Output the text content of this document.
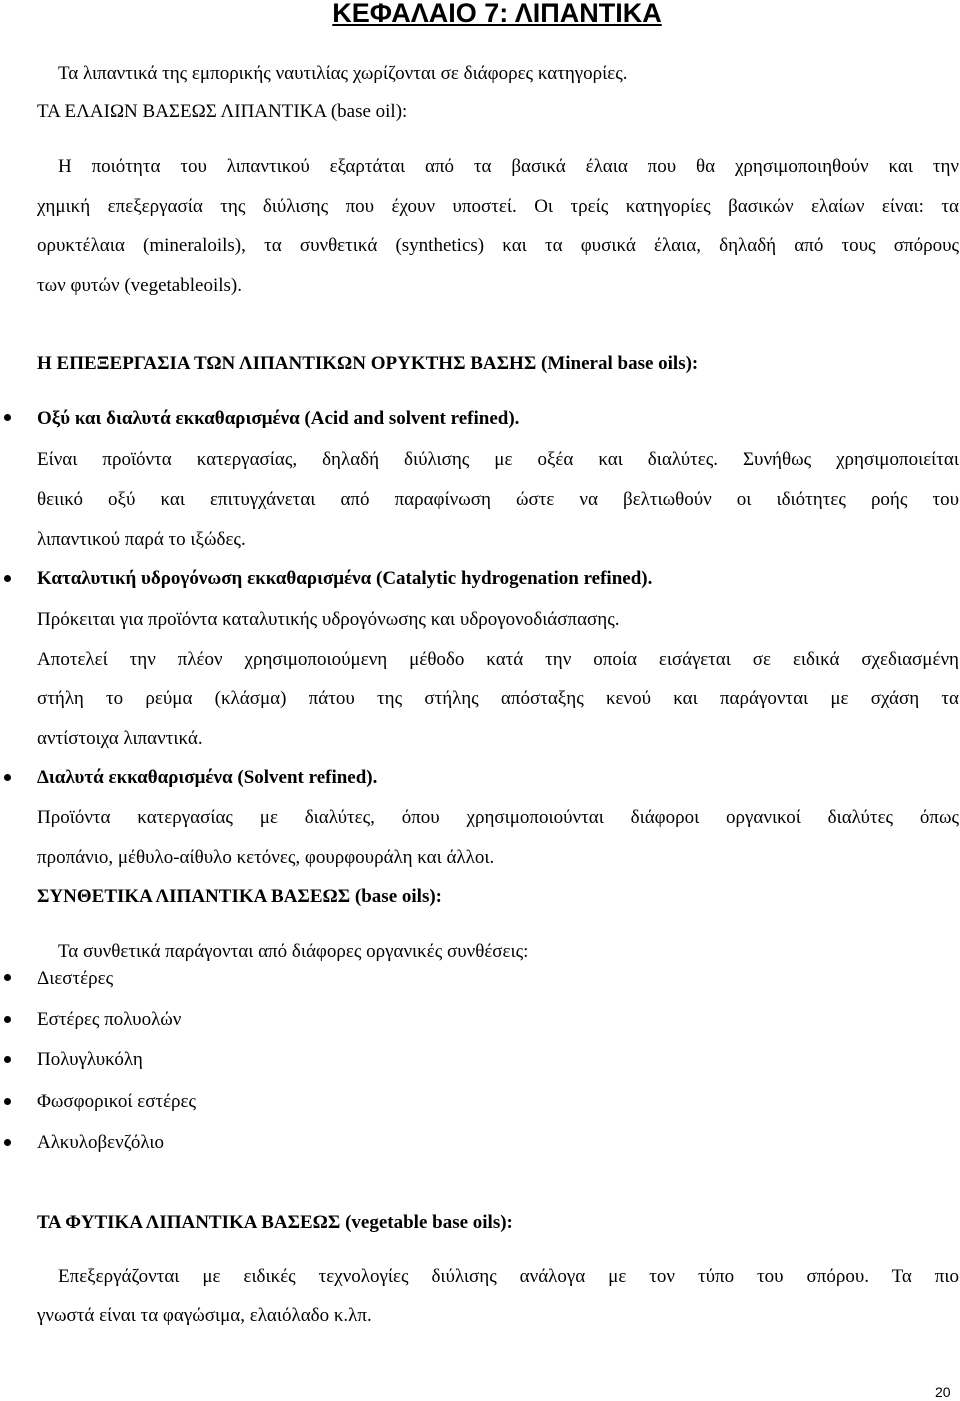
ΚΕΦΑΛΑΙΟ 7: ΛΙΠΑΝΤΙΚΑ
Τα λιπαντικά της εμπορικής ναυτιλίας χωρίζονται σε διάφορες κατηγορίες.
ΤΑ ΕΛΑΙΩΝ ΒΑΣΕΩΣ ΛΙΠΑΝΤΙΚΑ (base oil):
Η ποιότητα του λιπαντικού εξαρτάται από τα βασικά έλαια που θα χρησιμοποιηθούν και την
χημική επεξεργασία της διύλισης που έχουν υποστεί. Οι τρείς κατηγορίες βασικών ελαίων είναι: τα
ορυκτέλαια (mineraloils), τα συνθετικά (synthetics) και τα φυσικά έλαια, δηλαδή από τους σπόρους
των φυτών (vegetableoils).
Η ΕΠΕΞΕΡΓΑΣΙΑ ΤΩΝ ΛΙΠΑΝΤΙΚΩΝ ΟΡΥΚΤΗΣ ΒΑΣΗΣ (Mineral base oils):
Οξύ και διαλυτά εκκαθαρισμένα (Acid and solvent refined).
Είναι προϊόντα κατεργασίας, δηλαδή διύλισης με οξέα και διαλύτες. Συνήθως χρησιμοποιείται
θειικό οξύ και επιτυγχάνεται από παραφίνωση ώστε να βελτιωθούν οι ιδιότητες ροής του
λιπαντικού παρά το ιξώδες.
Καταλυτική υδρογόνωση εκκαθαρισμένα (Catalytic hydrogenation refined).
Πρόκειται για προϊόντα καταλυτικής υδρογόνωσης και υδρογονοδιάσπασης.
Αποτελεί την πλέον χρησιμοποιούμενη μέθοδο κατά την οποία εισάγεται σε ειδικά σχεδιασμένη
στήλη το ρεύμα (κλάσμα) πάτου της στήλης απόσταξης κενού και παράγονται με σχάση τα
αντίστοιχα λιπαντικά.
Διαλυτά εκκαθαρισμένα (Solvent refined).
Προϊόντα κατεργασίας με διαλύτες, όπου χρησιμοποιούνται διάφοροι οργανικοί διαλύτες όπως
προπάνιο, μέθυλο-αίθυλο κετόνες, φουρφουράλη και άλλοι.
ΣΥΝΘΕΤΙΚΑ ΛΙΠΑΝΤΙΚΑ ΒΑΣΕΩΣ (base oils):
Τα συνθετικά παράγονται από διάφορες οργανικές συνθέσεις:
Διεστέρες
Εστέρες πολυολών
Πολυγλυκόλη
Φωσφορικοί εστέρες
Αλκυλοβενζόλιο
ΤΑ ΦΥΤΙΚΑ ΛΙΠΑΝΤΙΚΑ ΒΑΣΕΩΣ (vegetable base oils):
Επεξεργάζονται με ειδικές τεχνολογίες διύλισης ανάλογα με τον τύπο του σπόρου. Τα πιο
γνωστά είναι τα φαγώσιμα, ελαιόλαδο κ.λπ.
20
